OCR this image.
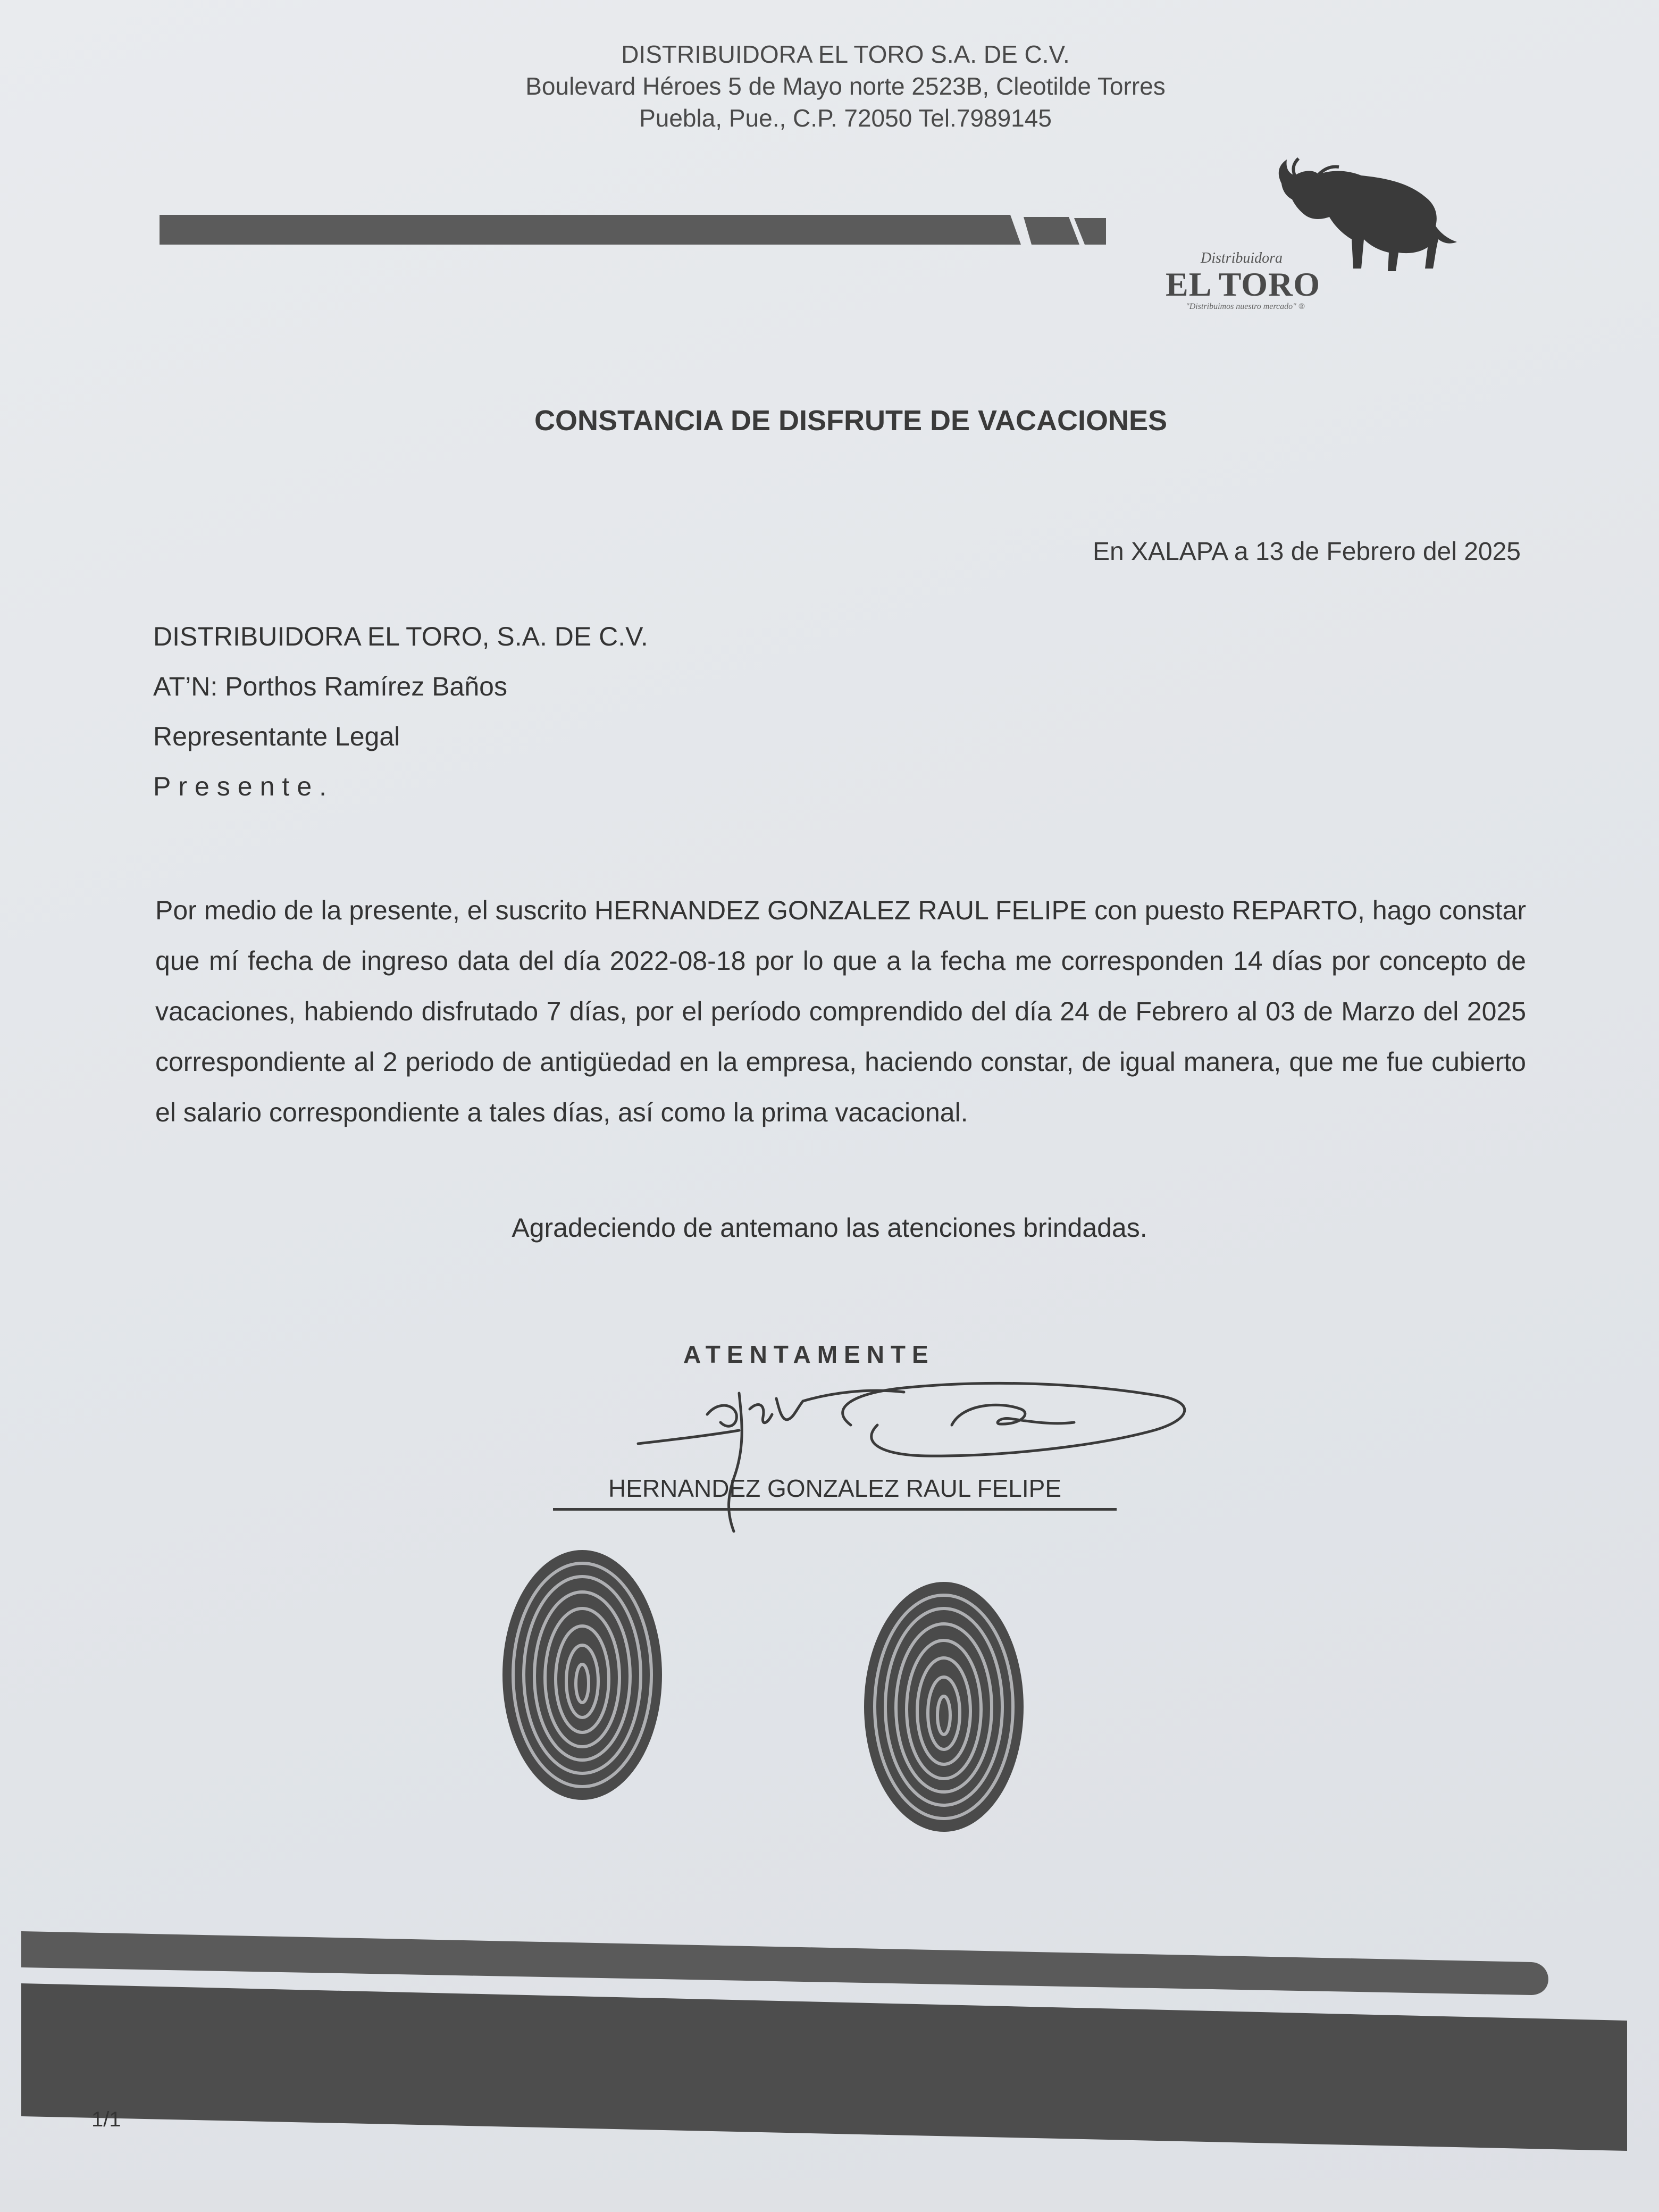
DISTRIBUIDORA EL TORO S.A. DE C.V.
Boulevard Héroes 5 de Mayo norte 2523B, Cleotilde Torres
Puebla, Pue., C.P. 72050 Tel.7989145
Distribuidora
EL TORO
"Distribuimos nuestro mercado" ®
CONSTANCIA DE DISFRUTE DE VACACIONES
En XALAPA a 13 de Febrero del 2025
DISTRIBUIDORA EL TORO, S.A. DE C.V.
AT’N: Porthos Ramírez Baños
Representante Legal
Presente.
Por medio de la presente, el suscrito HERNANDEZ GONZALEZ RAUL FELIPE con puesto REPARTO, hago constar que mí fecha de ingreso data del día 2022-08-18 por lo que a la fecha me corresponden 14 días por concepto de vacaciones, habiendo disfrutado 7 días, por el período comprendido del día 24 de Febrero al 03 de Marzo del 2025 correspondiente al 2 periodo de antigüedad en la empresa, haciendo constar, de igual manera, que me fue cubierto el salario correspondiente a tales días, así como la prima vacacional.
Agradeciendo de antemano las atenciones brindadas.
ATENTAMENTE
HERNANDEZ GONZALEZ RAUL FELIPE
1/1
